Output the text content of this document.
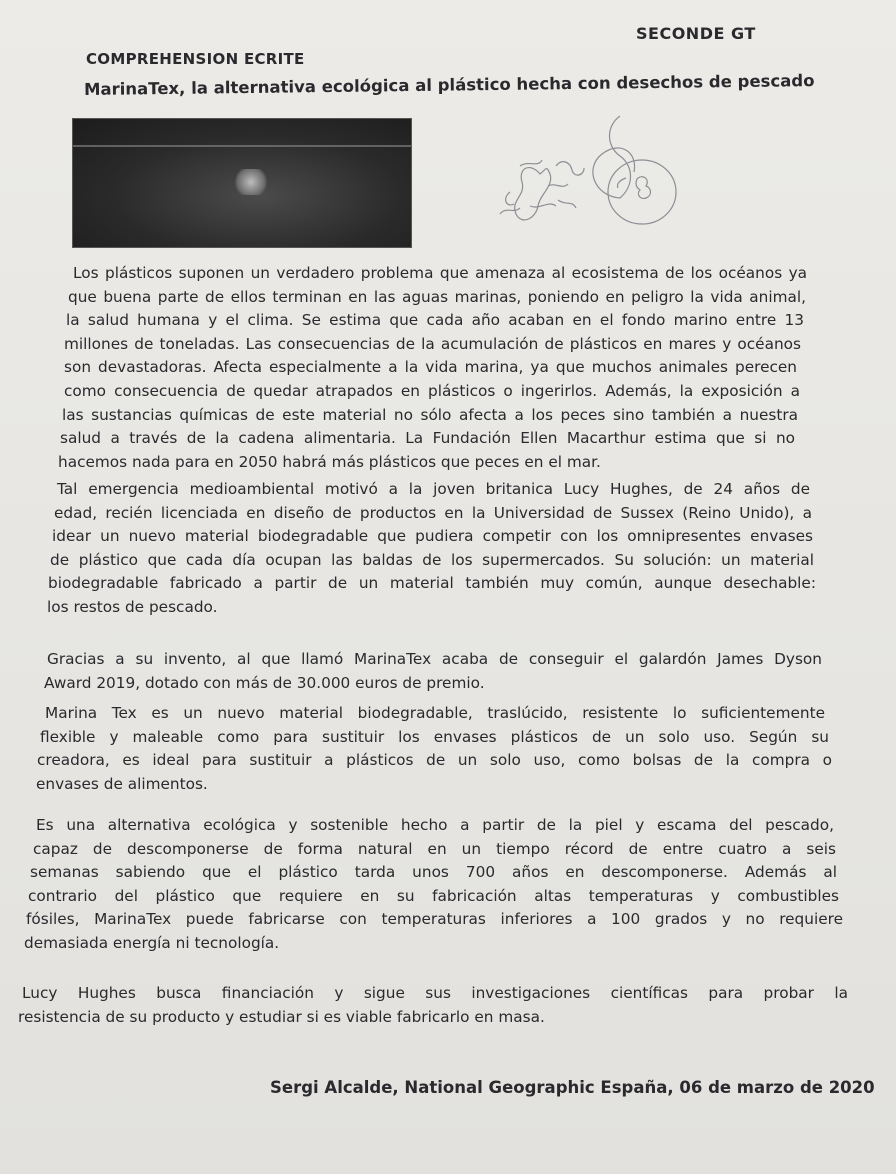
SECONDE GT
COMPREHENSION ECRITE
MarinaTex, la alternativa ecológica al plástico hecha con desechos de pescado
Los plásticos suponen un verdadero problema que amenaza al ecosistema de los océanos ya
que buena parte de ellos terminan en las aguas marinas, poniendo en peligro la vida animal,
la salud humana y el clima. Se estima que cada año acaban en el fondo marino entre 13
millones de toneladas. Las consecuencias de la acumulación de plásticos en mares y océanos
son devastadoras. Afecta especialmente a la vida marina, ya que muchos animales perecen
como consecuencia de quedar atrapados en plásticos o ingerirlos. Además, la exposición a
las sustancias químicas de este material no sólo afecta a los peces sino también a nuestra
salud a través de la cadena alimentaria. La Fundación Ellen Macarthur estima que si no
hacemos nada para en 2050 habrá más plásticos que peces en el mar.
Tal emergencia medioambiental motivó a la joven britanica Lucy Hughes, de 24 años de
edad, recién licenciada en diseño de productos en la Universidad de Sussex (Reino Unido), a
idear un nuevo material biodegradable que pudiera competir con los omnipresentes envases
de plástico que cada día ocupan las baldas de los supermercados. Su solución: un material
biodegradable fabricado a partir de un material también muy común, aunque desechable:
los restos de pescado.
Gracias a su invento, al que llamó MarinaTex acaba de conseguir el galardón James Dyson
Award 2019, dotado con más de 30.000 euros de premio.
Marina Tex es un nuevo material biodegradable, traslúcido, resistente lo suficientemente
flexible y maleable como para sustituir los envases plásticos de un solo uso. Según su
creadora, es ideal para sustituir a plásticos de un solo uso, como bolsas de la compra o
envases de alimentos.
Es una alternativa ecológica y sostenible hecho a partir de la piel y escama del pescado,
capaz de descomponerse de forma natural en un tiempo récord de entre cuatro a seis
semanas sabiendo que el plástico tarda unos 700 años en descomponerse. Además al
contrario del plástico que requiere en su fabricación altas temperaturas y combustibles
fósiles, MarinaTex puede fabricarse con temperaturas inferiores a 100 grados y no requiere
demasiada energía ni tecnología.
Lucy Hughes busca financiación y sigue sus investigaciones científicas para probar la
resistencia de su producto y estudiar si es viable fabricarlo en masa.
Sergi Alcalde, National Geographic España, 06 de marzo de 2020
